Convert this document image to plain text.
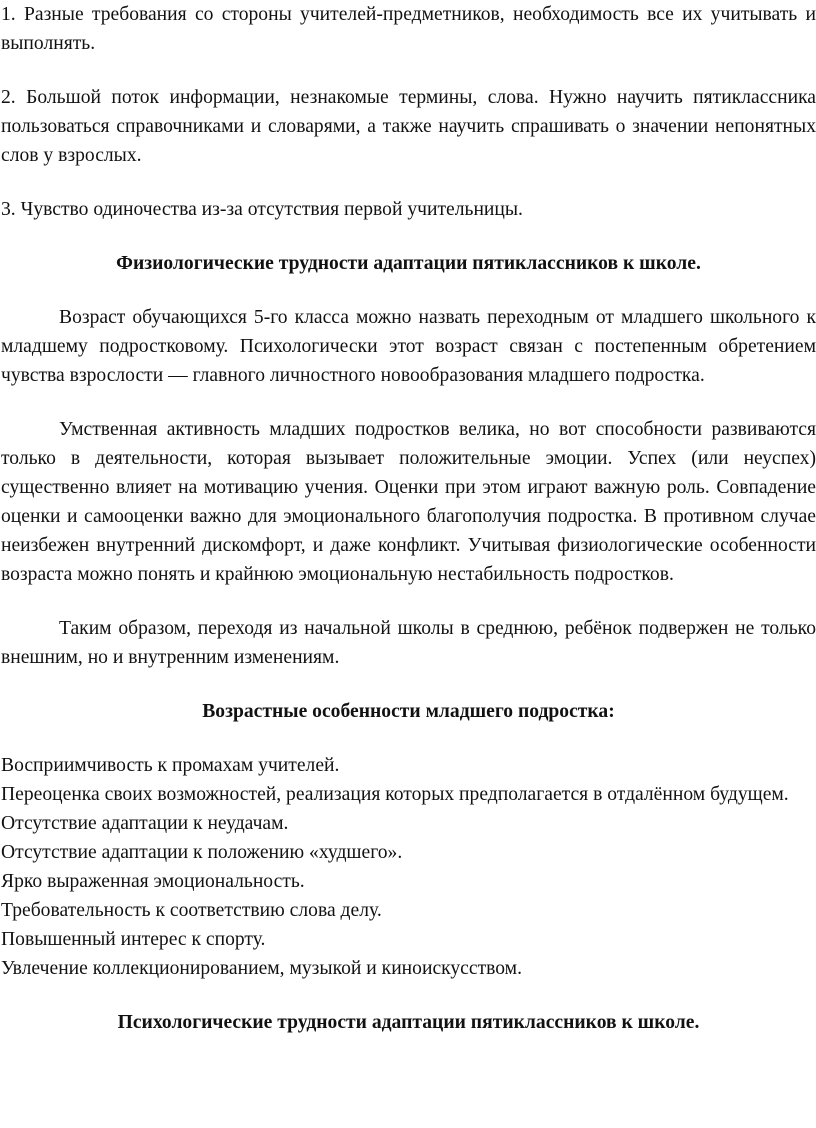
1. Разные требования со стороны учителей-предметников, необходимость все их учитывать и выполнять.

2. Большой поток информации, незнакомые термины, слова. Нужно научить пятиклассника пользоваться справочниками и словарями, а также научить спрашивать о значении непонятных слов у взрослых.

3. Чувство одиночества из-за отсутствия первой учительницы.

Физиологические трудности адаптации пятиклассников к школе.

Возраст обучающихся 5-го класса можно назвать переходным от младшего школьного к младшему подростковому. Психологически этот возраст связан с постепенным обретением чувства взрослости — главного личностного новообразования младшего подростка.

Умственная активность младших подростков велика, но вот способности развиваются только в деятельности, которая вызывает положительные эмоции. Успех (или неуспех) существенно влияет на мотивацию учения. Оценки при этом играют важную роль. Совпадение оценки и самооценки важно для эмоционального благополучия подростка. В противном случае неизбежен внутренний дискомфорт, и даже конфликт. Учитывая физиологические особенности возраста можно понять и крайнюю эмоциональную нестабильность подростков.

Таким образом, переходя из начальной школы в среднюю, ребёнок подвержен не только внешним, но и внутренним изменениям.

Возрастные особенности младшего подростка:

Восприимчивость к промахам учителей.

Переоценка своих возможностей, реализация которых предполагается в отдалённом будущем.

Отсутствие адаптации к неудачам.

Отсутствие адаптации к положению «худшего».

Ярко выраженная эмоциональность.

Требовательность к соответствию слова делу.

Повышенный интерес к спорту.

Увлечение коллекционированием, музыкой и киноискусством.

Психологические трудности адаптации пятиклассников к школе.
